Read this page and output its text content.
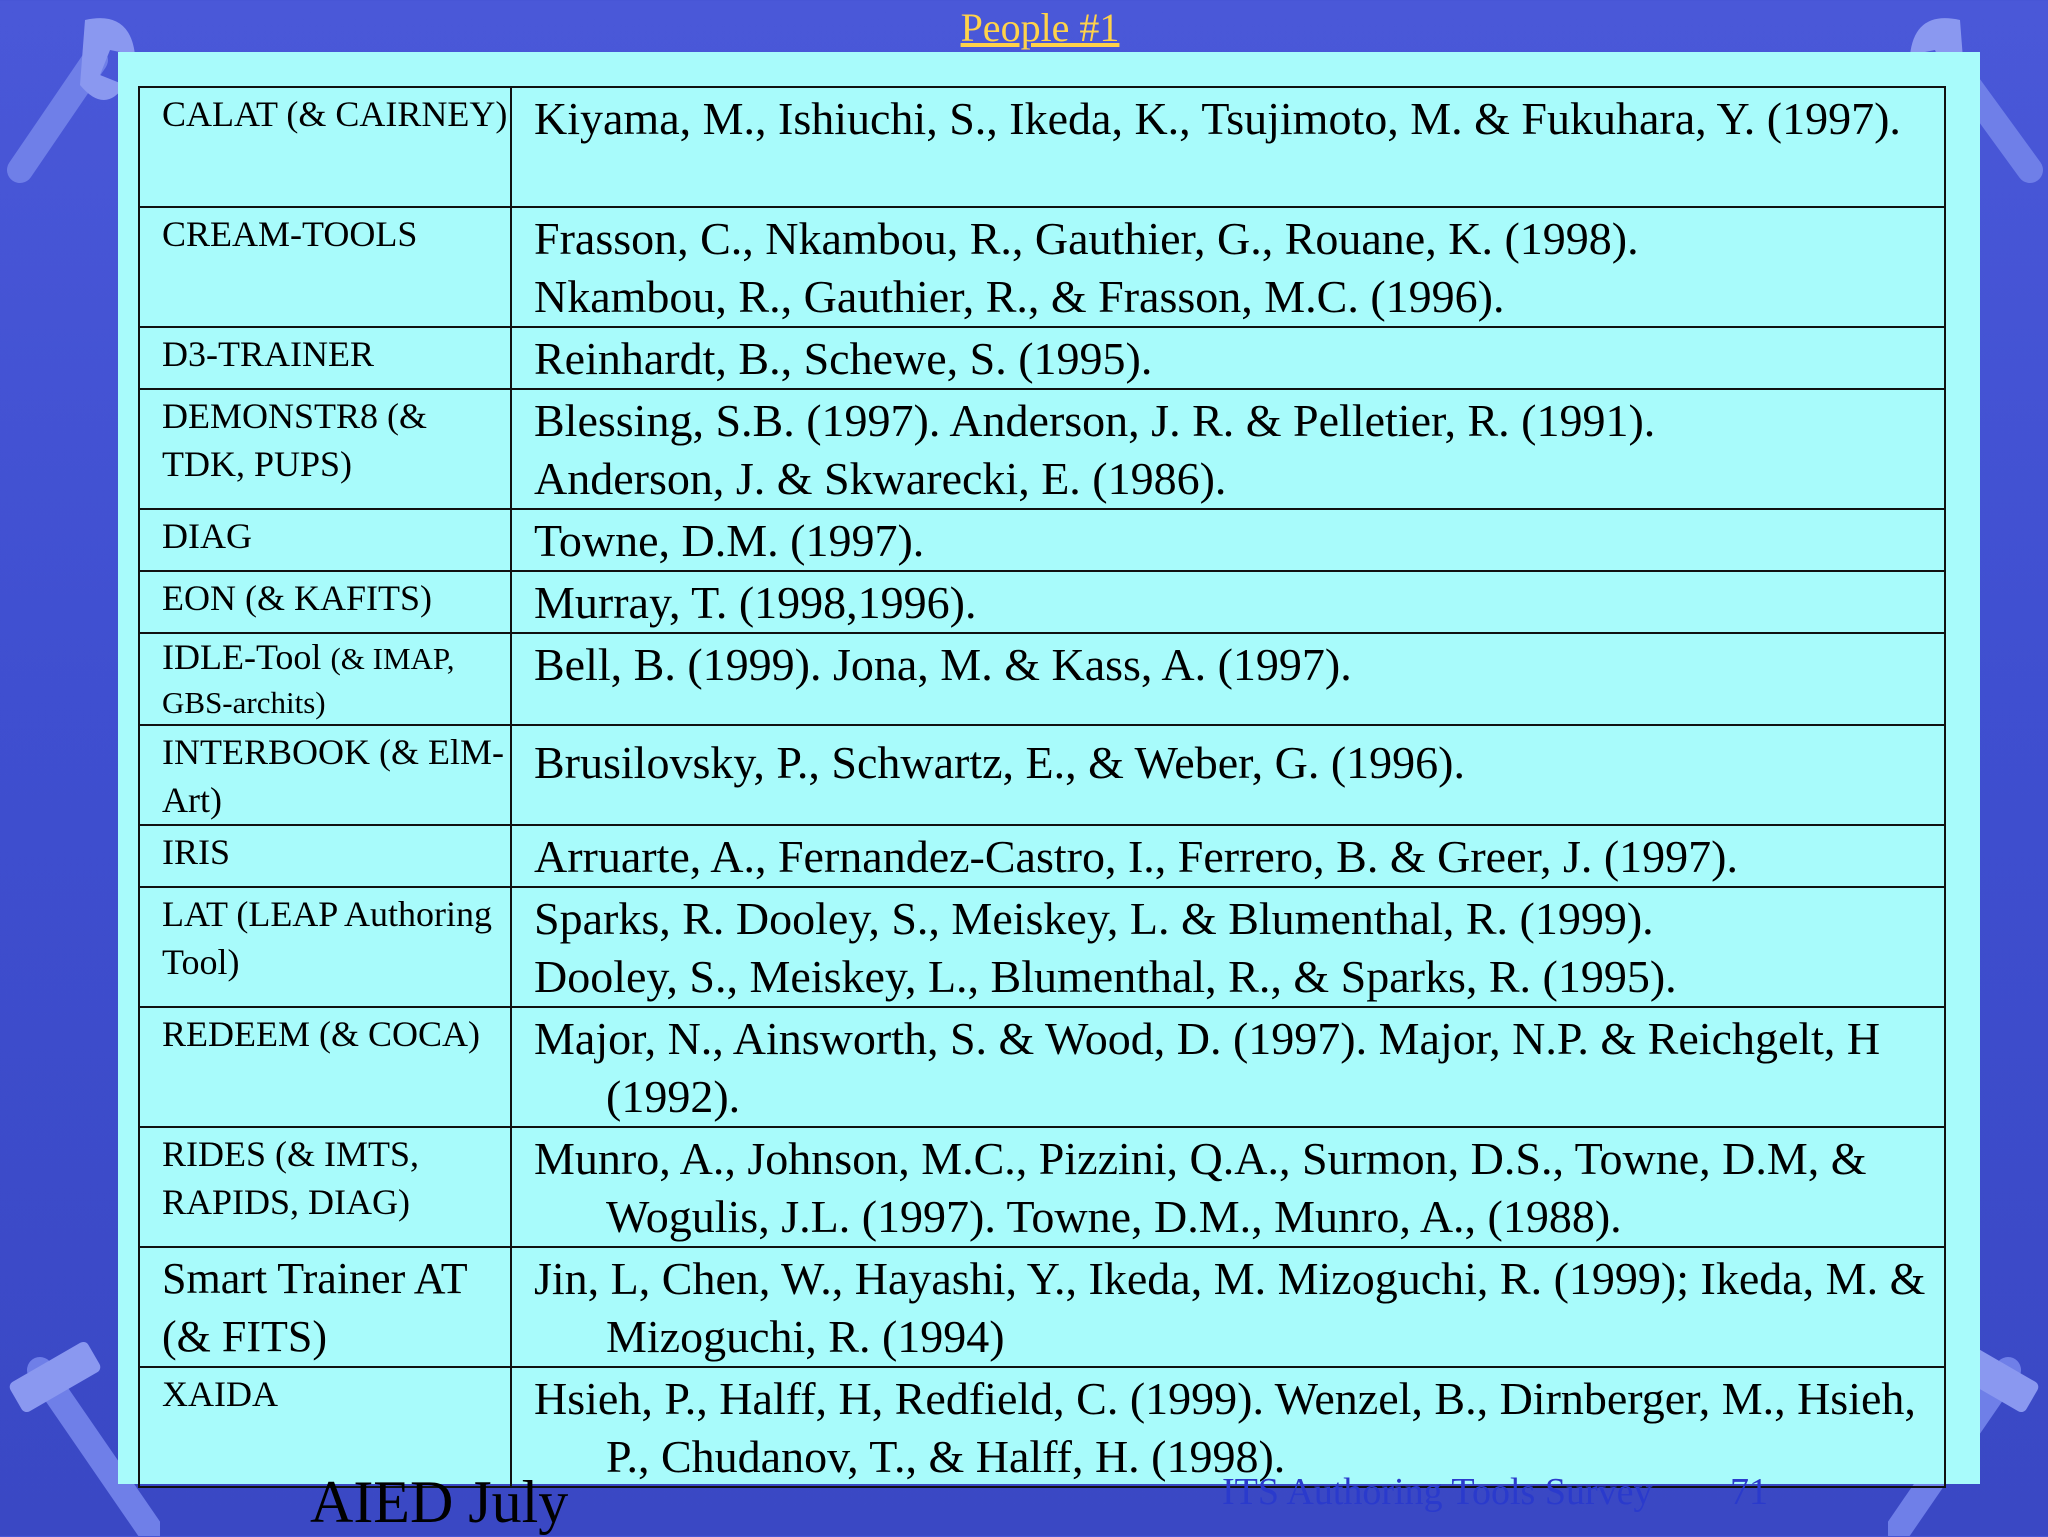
People #1
CALAT (& CAIRNEY)	Kiyama, M., Ishiuchi, S., Ikeda, K., Tsujimoto, M. & Fukuhara, Y. (1997).

CREAM-TOOLS	Frasson, C., Nkambou, R., Gauthier, G., Rouane, K. (1998).
Nkambou, R., Gauthier, R., & Frasson, M.C. (1996).

D3-TRAINER	Reinhardt, B., Schewe, S. (1995).

DEMONSTR8 (& TDK, PUPS)	Blessing, S.B. (1997). Anderson, J. R. & Pelletier, R. (1991).
Anderson, J. & Skwarecki, E. (1986).

DIAG	Towne, D.M. (1997).

EON (& KAFITS)	Murray, T. (1998,1996).

IDLE-Tool (& IMAP, GBS-archits)	Bell, B. (1999). Jona, M. & Kass, A. (1997).

INTERBOOK (& ElM-Art)	Brusilovsky, P., Schwartz, E., & Weber, G. (1996).

IRIS	Arruarte, A., Fernandez-Castro, I., Ferrero, B. & Greer, J. (1997).

LAT (LEAP Authoring Tool)	Sparks, R. Dooley, S., Meiskey, L. & Blumenthal, R. (1999).
Dooley, S., Meiskey, L., Blumenthal, R., & Sparks, R. (1995).

REDEEM (& COCA)	Major, N., Ainsworth, S. & Wood, D. (1997). Major, N.P. & Reichgelt, H (1992).

RIDES (& IMTS, RAPIDS, DIAG)	Munro, A., Johnson, M.C., Pizzini, Q.A., Surmon, D.S., Towne, D.M, & Wogulis, J.L. (1997). Towne, D.M., Munro, A., (1988).

Smart Trainer AT (& FITS)	Jin, L, Chen, W., Hayashi, Y., Ikeda, M. Mizoguchi, R. (1999); Ikeda, M. & Mizoguchi, R. (1994)

XAIDA	Hsieh, P., Halff, H, Redfield, C. (1999). Wenzel, B., Dirnberger, M., Hsieh, P., Chudanov, T., & Halff, H. (1998).
AIED July	ITS Authoring Tools Survey 71
